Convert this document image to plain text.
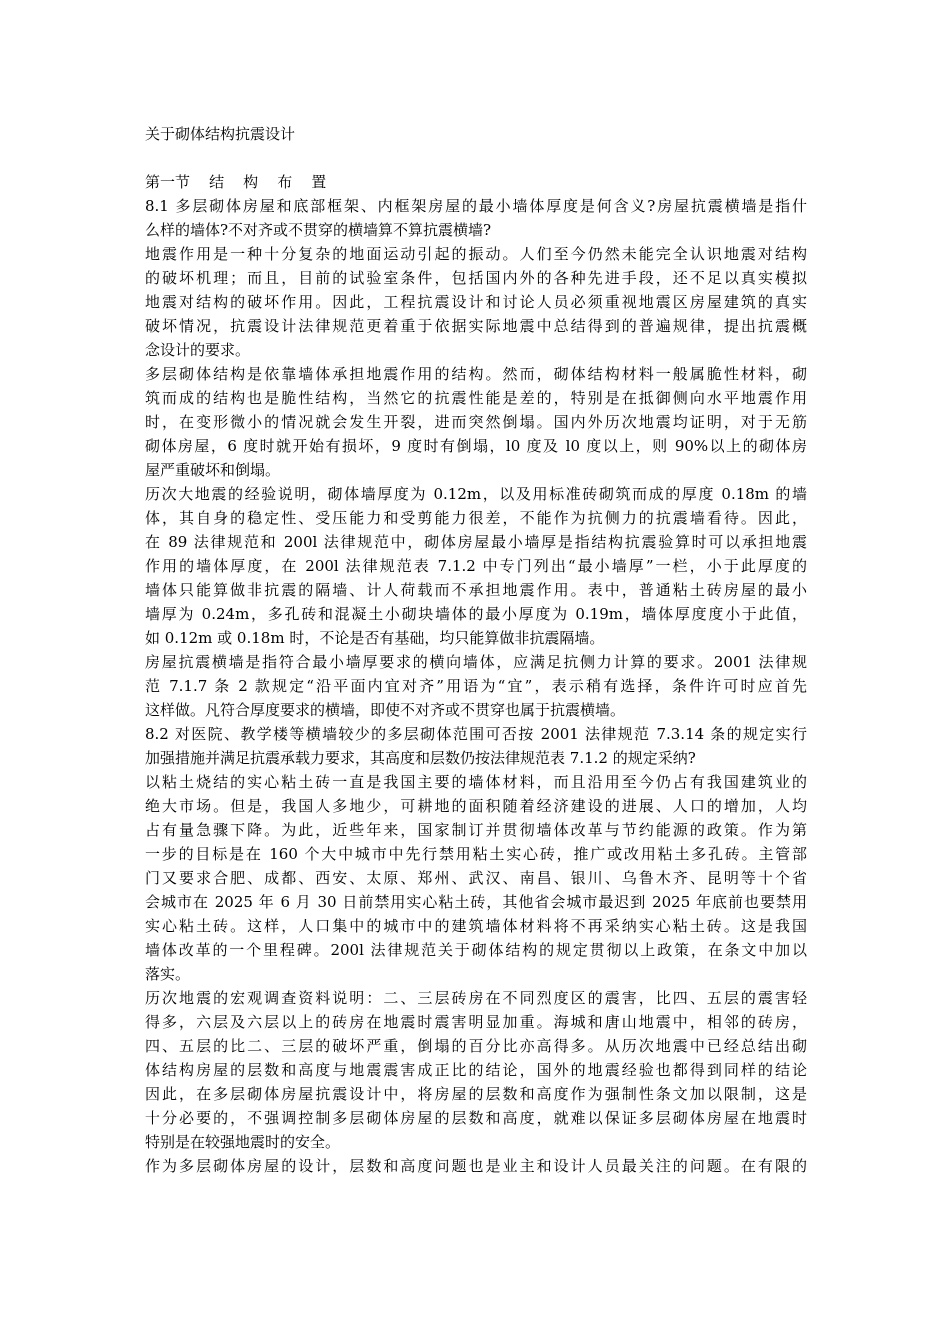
关于砌体结构抗震设计
第一节    结    构    布    置
8.1 多层砌体房屋和底部框架、内框架房屋的最小墙体厚度是何含义?房屋抗震横墙是指什
么样的墙体?不对齐或不贯穿的横墙算不算抗震横墙?
地震作用是一种十分复杂的地面运动引起的振动。人们至今仍然未能完全认识地震对结构
的破坏机理；而且，目前的试验室条件，包括国内外的各种先进手段，还不足以真实模拟
地震对结构的破坏作用。因此，工程抗震设计和讨论人员必须重视地震区房屋建筑的真实
破坏情况，抗震设计法律规范更着重于依据实际地震中总结得到的普遍规律，提出抗震概
念设计的要求。
多层砌体结构是依靠墙体承担地震作用的结构。然而，砌体结构材料一般属脆性材料，砌
筑而成的结构也是脆性结构，当然它的抗震性能是差的，特别是在抵御侧向水平地震作用
时，在变形微小的情况就会发生开裂，进而突然倒塌。国内外历次地震均证明，对于无筋
砌体房屋，6 度时就开始有损坏，9 度时有倒塌，l0 度及 l0 度以上，则 90%以上的砌体房
屋严重破坏和倒塌。
历次大地震的经验说明，砌体墙厚度为 0.12m，以及用标准砖砌筑而成的厚度 0.18m 的墙
体，其自身的稳定性、受压能力和受剪能力很差，不能作为抗侧力的抗震墙看待。因此，
在 89 法律规范和 200l 法律规范中，砌体房屋最小墙厚是指结构抗震验算时可以承担地震
作用的墙体厚度，在 200l 法律规范表 7.1.2 中专门列出“最小墙厚”一栏，小于此厚度的
墙体只能算做非抗震的隔墙、计人荷载而不承担地震作用。表中，普通粘土砖房屋的最小
墙厚为 0.24m，多孔砖和混凝土小砌块墙体的最小厚度为 0.19m，墙体厚度度小于此值，
如 0.12m 或 0.18m 时，不论是否有基础，均只能算做非抗震隔墙。
房屋抗震横墙是指符合最小墙厚要求的横向墙体，应满足抗侧力计算的要求。2001 法律规
范 7.1.7 条 2 款规定“沿平面内宜对齐”用语为“宜”，表示稍有选择，条件许可时应首先
这样做。凡符合厚度要求的横墙，即使不对齐或不贯穿也属于抗震横墙。
8.2 对医院、教学楼等横墙较少的多层砌体范围可否按 2001 法律规范 7.3.14 条的规定实行
加强措施并满足抗震承载力要求，其高度和层数仍按法律规范表 7.1.2 的规定采纳?
以粘土烧结的实心粘土砖一直是我国主要的墙体材料，而且沿用至今仍占有我国建筑业的
绝大市场。但是，我国人多地少，可耕地的面积随着经济建设的进展、人口的增加，人均
占有量急骤下降。为此，近些年来，国家制订并贯彻墙体改革与节约能源的政策。作为第
一步的目标是在 160 个大中城市中先行禁用粘土实心砖，推广或改用粘土多孔砖。主管部
门又要求合肥、成都、西安、太原、郑州、武汉、南昌、银川、乌鲁木齐、昆明等十个省
会城市在 2025 年 6 月 30 日前禁用实心粘土砖，其他省会城市最迟到 2025 年底前也要禁用
实心粘土砖。这样，人口集中的城市中的建筑墙体材料将不再采纳实心粘土砖。这是我国
墙体改革的一个里程碑。200l 法律规范关于砌体结构的规定贯彻以上政策，在条文中加以
落实。
历次地震的宏观调查资料说明：二、三层砖房在不同烈度区的震害，比四、五层的震害轻
得多，六层及六层以上的砖房在地震时震害明显加重。海城和唐山地震中，相邻的砖房，
四、五层的比二、三层的破坏严重，倒塌的百分比亦高得多。从历次地震中已经总结出砌
体结构房屋的层数和高度与地震震害成正比的结论，国外的地震经验也都得到同样的结论
因此，在多层砌体房屋抗震设计中，将房屋的层数和高度作为强制性条文加以限制，这是
十分必要的，不强调控制多层砌体房屋的层数和高度，就难以保证多层砌体房屋在地震时
特别是在较强地震时的安全。
作为多层砌体房屋的设计，层数和高度问题也是业主和设计人员最关注的问题。在有限的
